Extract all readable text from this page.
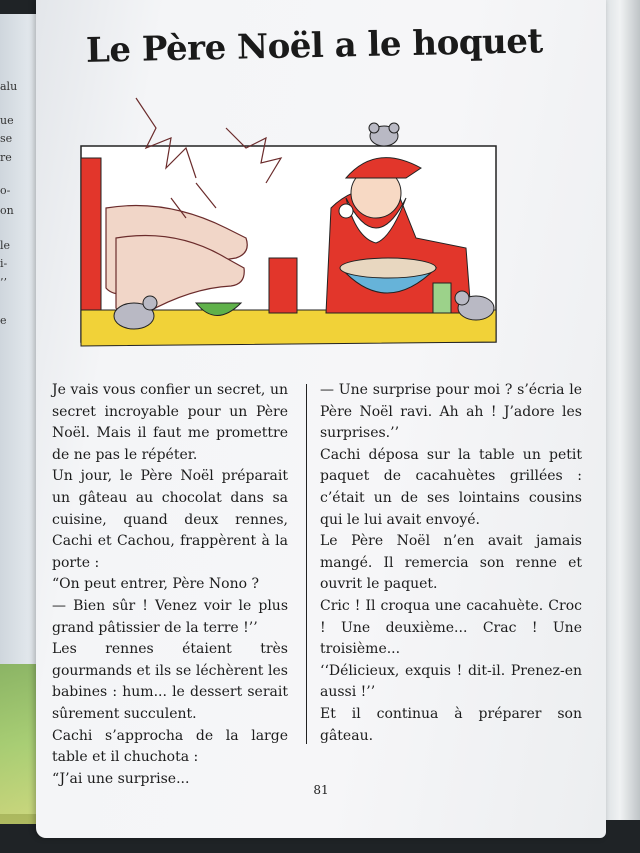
alu
ue
se
re
o-
on
le
i-
’’
e
Le Père Noël a le hoquet

Je vais vous confier un secret, un secret incroyable pour un Père Noël. Mais il faut me promettre de ne pas le répéter.

Un jour, le Père Noël préparait un gâteau au chocolat dans sa cuisine, quand deux rennes, Cachi et Cachou, frappèrent à la porte :

“On peut entrer, Père Nono ?

— Bien sûr ! Venez voir le plus grand pâtissier de la terre !’’

Les rennes étaient très gourmands et ils se léchèrent les babines : hum... le dessert serait sûrement succulent.

Cachi s’approcha de la large table et il chuchota :

“J’ai une surprise...

— Une surprise pour moi ? s’écria le Père Noël ravi. Ah ah ! J’adore les surprises.’’

Cachi déposa sur la table un petit paquet de cacahuètes grillées : c’était un de ses lointains cousins qui le lui avait envoyé.

Le Père Noël n’en avait jamais mangé. Il remercia son renne et ouvrit le paquet.

Cric ! Il croqua une cacahuète. Croc ! Une deuxième... Crac ! Une troisième...

‘‘Délicieux, exquis ! dit-il. Prenez-en aussi !’’

Et il continua à préparer son gâteau.

81
